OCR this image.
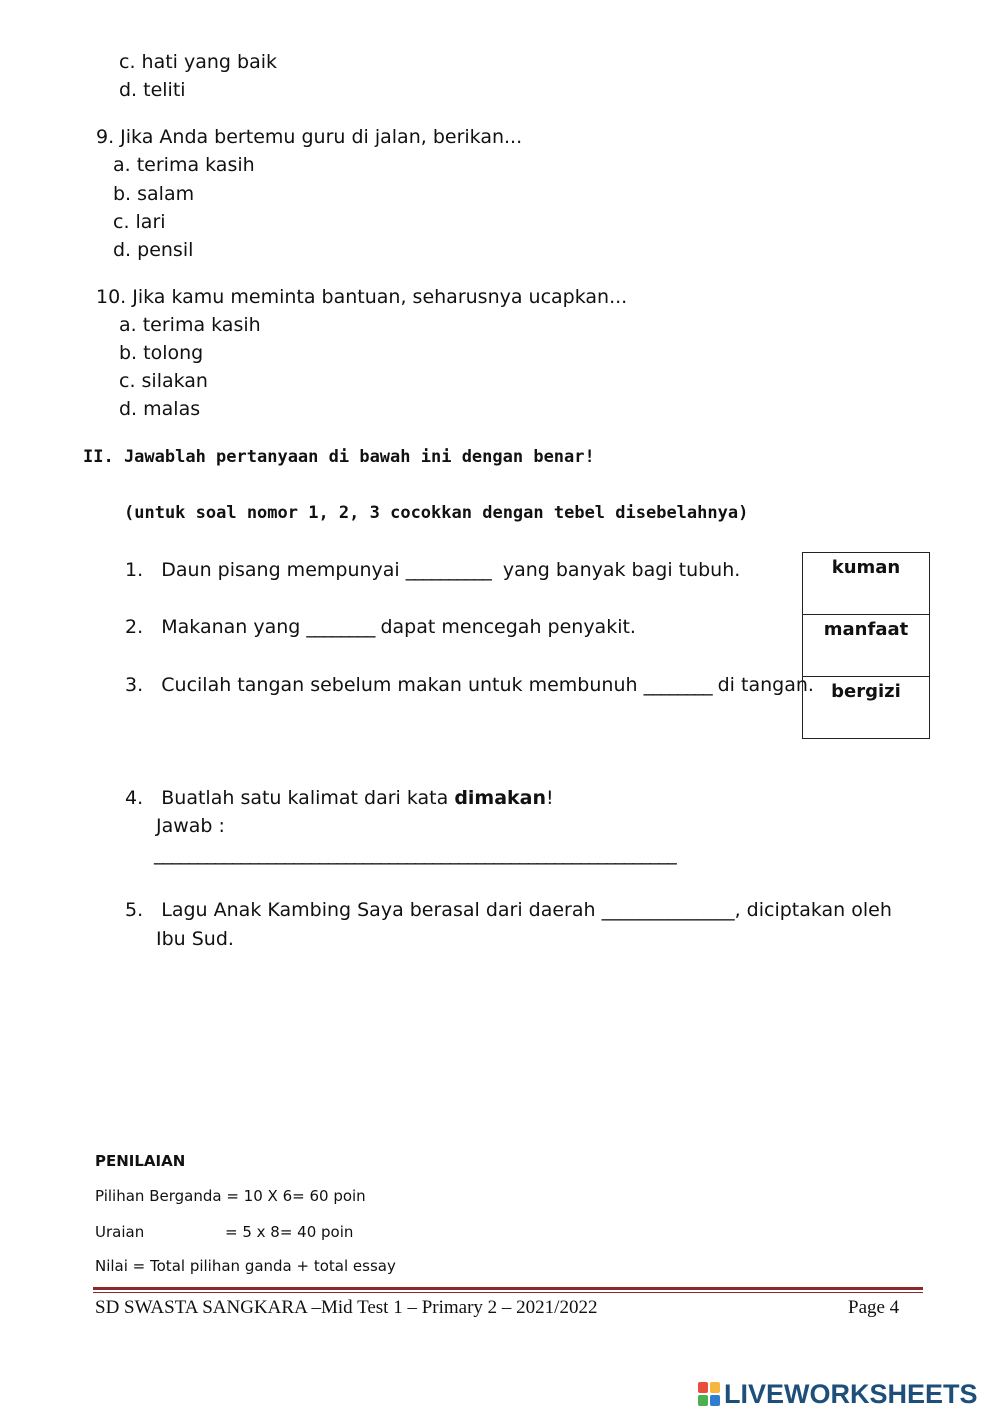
c. hati yang baik
d. teliti
9. Jika Anda bertemu guru di jalan, berikan...
a. terima kasih
b. salam
c. lari
d. pensil
10. Jika kamu meminta bantuan, seharusnya ucapkan...
a. terima kasih
b. tolong
c. silakan
d. malas
II. Jawablah pertanyaan di bawah ini dengan benar!
(untuk soal nomor 1, 2, 3 cocokkan dengan tebel disebelahnya)
1. Daun pisang mempunyai __________ yang banyak bagi tubuh.
2. Makanan yang ________ dapat mencegah penyakit.
3. Cucilah tangan sebelum makan untuk membunuh ________ di tangan.
kuman
manfaat
bergizi
4. Buatlah satu kalimat dari kata dimakan!
Jawab :
____________________________________________________________
5. Lagu Anak Kambing Saya berasal dari daerah ______________, diciptakan oleh
Ibu Sud.
PENILAIAN
Pilihan Berganda = 10 X 6= 60 poin
Uraian	= 5 x 8= 40 poin
Nilai = Total pilihan ganda + total essay
SD SWASTA SANGKARA –Mid Test 1 – Primary 2 – 2021/2022	Page 4
LIVEWORKSHEETS
